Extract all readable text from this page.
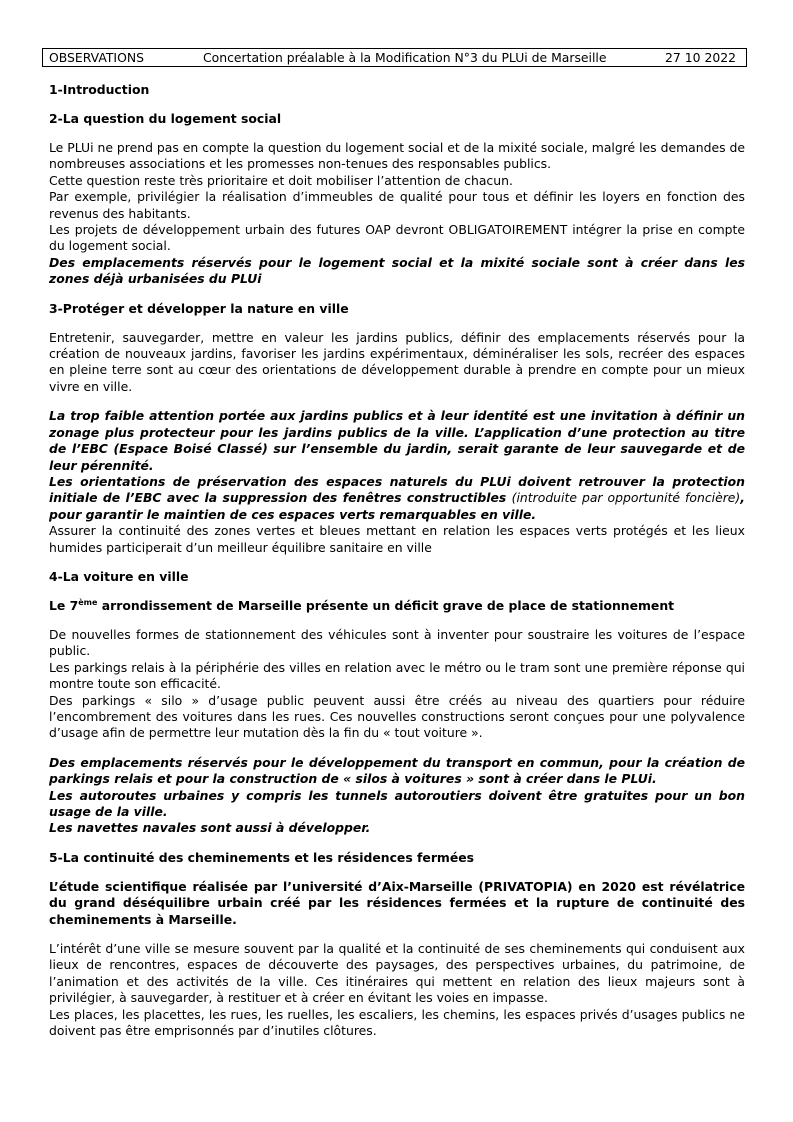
OBSERVATIONS	Concertation préalable à la Modification N°3 du PLUi de Marseille	27 10 2022

1-Introduction

2-La question du logement social

Le PLUi ne prend pas en compte la question du logement social et de la mixité sociale, malgré les demandes de nombreuses associations et les promesses non-tenues des responsables publics.

Cette question reste très prioritaire et doit mobiliser l’attention de chacun.

Par exemple, privilégier la réalisation d’immeubles de qualité pour tous et définir les loyers en fonction des revenus des habitants.

Les projets de développement urbain des futures OAP devront OBLIGATOIREMENT intégrer la prise en compte du logement social.

Des emplacements réservés pour le logement social et la mixité sociale sont à créer dans les zones déjà urbanisées du PLUi

3-Protéger et développer la nature en ville

Entretenir, sauvegarder, mettre en valeur les jardins publics, définir des emplacements réservés pour la création de nouveaux jardins, favoriser les jardins expérimentaux, déminéraliser les sols, recréer des espaces en pleine terre sont au cœur des orientations de développement durable à prendre en compte pour un mieux vivre en ville.

La trop faible attention portée aux jardins publics et à leur identité est une invitation à définir un zonage plus protecteur pour les jardins publics de la ville. L’application d’une protection au titre de l’EBC (Espace Boisé Classé) sur l’ensemble du jardin, serait garante de leur sauvegarde et de leur pérennité.

Les orientations de préservation des espaces naturels du PLUi doivent retrouver la protection initiale de l’EBC avec la suppression des fenêtres constructibles (introduite par opportunité foncière), pour garantir le maintien de ces espaces verts remarquables en ville.

Assurer la continuité des zones vertes et bleues mettant en relation les espaces verts protégés et les lieux humides participerait d’un meilleur équilibre sanitaire en ville

4-La voiture en ville

Le 7ème arrondissement de Marseille présente un déficit grave de place de stationnement

De nouvelles formes de stationnement des véhicules sont à inventer pour soustraire les voitures de l’espace public.

Les parkings relais à la périphérie des villes en relation avec le métro ou le tram sont une première réponse qui montre toute son efficacité.

Des parkings « silo » d’usage public peuvent aussi être créés au niveau des quartiers pour réduire l’encombrement des voitures dans les rues. Ces nouvelles constructions seront conçues pour une polyvalence d’usage afin de permettre leur mutation dès la fin du « tout voiture ».

Des emplacements réservés pour le développement du transport en commun, pour la création de parkings relais et pour la construction de « silos à voitures » sont à créer dans le PLUi.

Les autoroutes urbaines y compris les tunnels autoroutiers doivent être gratuites pour un bon usage de la ville.

Les navettes navales sont aussi à développer.

5-La continuité des cheminements et les résidences fermées

L’étude scientifique réalisée par l’université d’Aix-Marseille (PRIVATOPIA) en 2020 est révélatrice du grand déséquilibre urbain créé par les résidences fermées et la rupture de continuité des cheminements à Marseille.

L’intérêt d’une ville se mesure souvent par la qualité et la continuité de ses cheminements qui conduisent aux lieux de rencontres, espaces de découverte des paysages, des perspectives urbaines, du patrimoine, de l’animation et des activités de la ville. Ces itinéraires qui mettent en relation des lieux majeurs sont à privilégier, à sauvegarder, à restituer et à créer en évitant les voies en impasse.

Les places, les placettes, les rues, les ruelles, les escaliers, les chemins, les espaces privés d’usages publics ne doivent pas être emprisonnés par d’inutiles clôtures.
